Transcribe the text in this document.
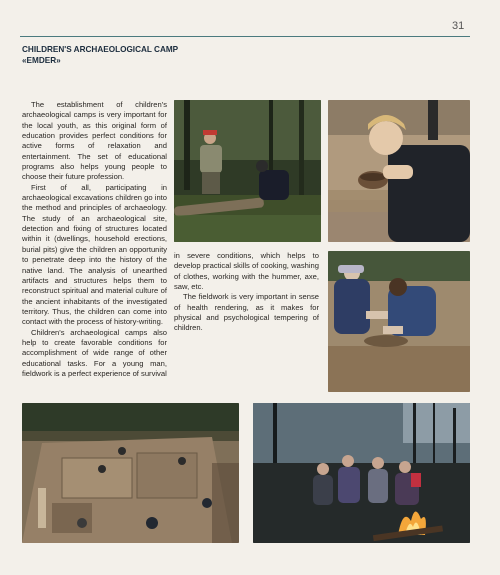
31
CHILDREN'S ARCHAEOLOGICAL CAMP
«EMDER»

The establishment of children's archaeological camps is very important for the local youth, as this original form of education provides perfect conditions for active forms of relaxation and entertainment. The set of educational programs also helps young people to choose their future profession.

First of all, participating in archaeological excavations children go into the method and principles of archaeology. The study of an archaeological site, detection and fixing of structures located within it (dwellings, household erections, burial pits) give the children an opportunity to penetrate deep into the history of the native land. The analysis of unearthed artifacts and structures helps them to reconstruct spiritual and material culture of the ancient inhabitants of the investigated territory. Thus, the children can come into contact with the process of history-writing.

Children's archaeological camps also help to create favorable conditions for accomplishment of wide range of other educational tasks. For a young man, fieldwork is a perfect experience of survival

in severe conditions, which helps to develop practical skills of cooking, washing of clothes, working with the hummer, axe, saw, etc.

The fieldwork is very important in sense of health rendering, as it makes for physical and psychological tempering of children.
